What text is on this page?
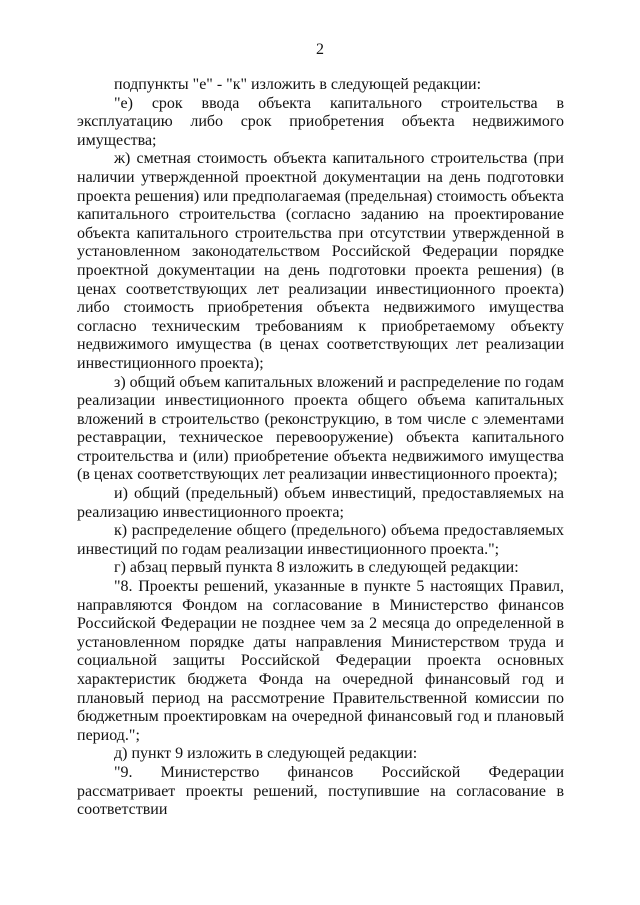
2

подпункты "е" - "к" изложить в следующей редакции:

"е) срок ввода объекта капитального строительства в эксплуатацию либо срок приобретения объекта недвижимого имущества;

ж) сметная стоимость объекта капитального строительства (при наличии утвержденной проектной документации на день подготовки проекта решения) или предполагаемая (предельная) стоимость объекта капитального строительства (согласно заданию на проектирование объекта капитального строительства при отсутствии утвержденной в установленном законодательством Российской Федерации порядке проектной документации на день подготовки проекта решения) (в ценах соответствующих лет реализации инвестиционного проекта) либо стоимость приобретения объекта недвижимого имущества согласно техническим требованиям к приобретаемому объекту недвижимого имущества (в ценах соответствующих лет реализации инвестиционного проекта);

з) общий объем капитальных вложений и распределение по годам реализации инвестиционного проекта общего объема капитальных вложений в строительство (реконструкцию, в том числе с элементами реставрации, техническое перевооружение) объекта капитального строительства и (или) приобретение объекта недвижимого имущества (в ценах соответствующих лет реализации инвестиционного проекта);

и) общий (предельный) объем инвестиций, предоставляемых на реализацию инвестиционного проекта;

к) распределение общего (предельного) объема предоставляемых инвестиций по годам реализации инвестиционного проекта.";

г) абзац первый пункта 8 изложить в следующей редакции:

"8. Проекты решений, указанные в пункте 5 настоящих Правил, направляются Фондом на согласование в Министерство финансов Российской Федерации не позднее чем за 2 месяца до определенной в установленном порядке даты направления Министерством труда и социальной защиты Российской Федерации проекта основных характеристик бюджета Фонда на очередной финансовый год и плановый период на рассмотрение Правительственной комиссии по бюджетным проектировкам на очередной финансовый год и плановый период.";

д) пункт 9 изложить в следующей редакции:

"9. Министерство финансов Российской Федерации рассматривает проекты решений, поступившие на согласование в соответствии
